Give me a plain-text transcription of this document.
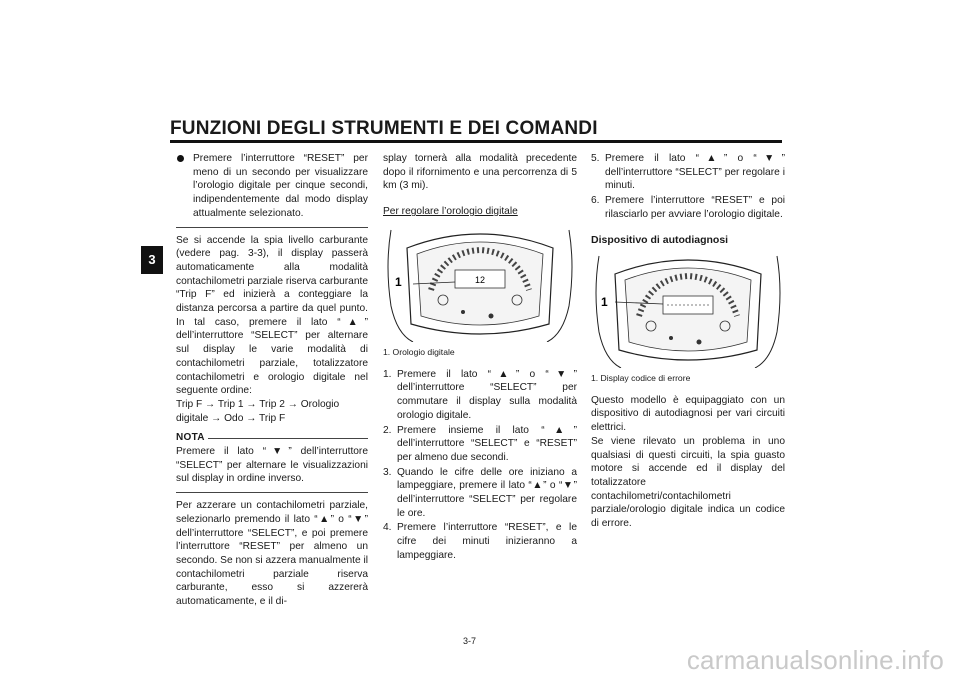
FUNZIONI DEGLI STRUMENTI E DEI COMANDI
3

Premere l’interruttore “RESET” per meno di un secondo per visualizzare l’orologio digitale per cinque secondi, indipendentemente dal modo display attualmente selezionato.

Se si accende la spia livello carburante (vedere pag. 3-3), il display passerà automaticamente alla modalità contachilometri parziale riserva carburante “Trip F” ed inizierà a conteggiare la distanza percorsa a partire da quel punto. In tal caso, premere il lato “▲” dell’interruttore “SELECT” per alternare sul display le varie modalità di contachilometri parziale, totalizzatore contachilometri e orologio digitale nel seguente ordine:

Trip F → Trip 1 → Trip 2 → Orologio digitale → Odo → Trip F

NOTA

Premere il lato “▼” dell’interruttore “SELECT” per alternare le visualizzazioni sul display in ordine inverso.

Per azzerare un contachilometri parziale, selezionarlo premendo il lato “▲” o “▼” dell’interruttore “SELECT”, e poi premere l’interruttore “RESET” per almeno un secondo. Se non si azzera manualmente il contachilometri parziale riserva carburante, esso si azzererà automaticamente, e il di-

splay tornerà alla modalità precedente dopo il rifornimento e una percorrenza di 5 km (3 mi).

Per regolare l’orologio digitale

12
1

1. Orologio digitale

1. Premere il lato “▲” o “▼” dell’interruttore “SELECT” per commutare il display sulla modalità orologio digitale.
2. Premere insieme il lato “▲” dell’interruttore “SELECT” e “RESET” per almeno due secondi.
3. Quando le cifre delle ore iniziano a lampeggiare, premere il lato “▲” o “▼” dell’interruttore “SELECT” per regolare le ore.
4. Premere l’interruttore “RESET”, e le cifre dei minuti inizieranno a lampeggiare.
5. Premere il lato “▲” o “▼” dell’interruttore “SELECT” per regolare i minuti.
6. Premere l’interruttore “RESET” e poi rilasciarlo per avviare l’orologio digitale.

Dispositivo di autodiagnosi

1

1. Display codice di errore

Questo modello è equipaggiato con un dispositivo di autodiagnosi per vari circuiti elettrici.
Se viene rilevato un problema in uno qualsiasi di questi circuiti, la spia guasto motore si accende ed il display del totalizzatore contachilometri/contachilometri parziale/orologio digitale indica un codice di errore.

3-7
carmanualsonline.info
